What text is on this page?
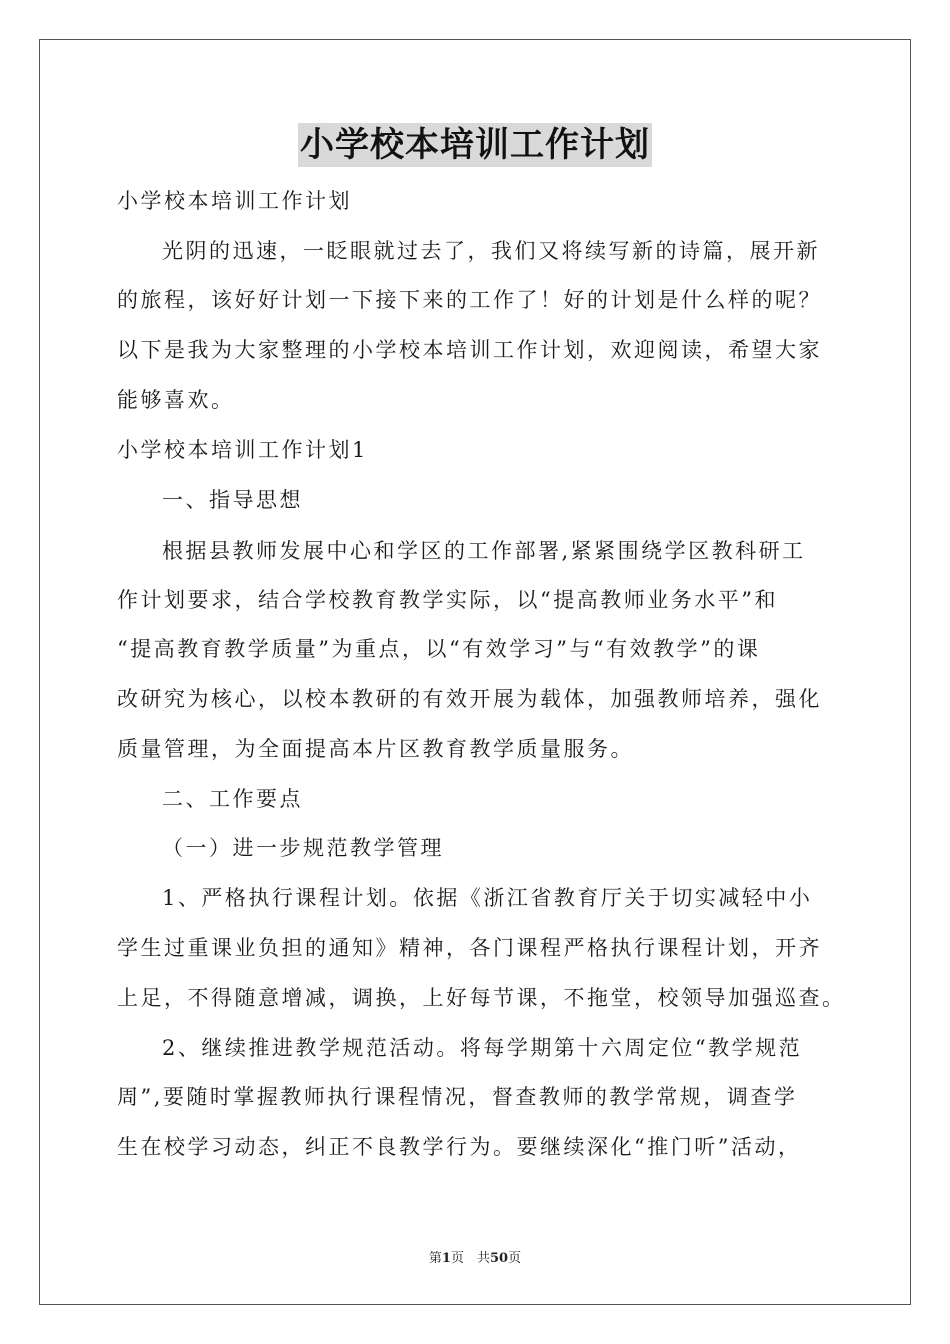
小学校本培训工作计划
小学校本培训工作计划
光阴的迅速，一眨眼就过去了，我们又将续写新的诗篇，展开新
的旅程，该好好计划一下接下来的工作了！好的计划是什么样的呢？
以下是我为大家整理的小学校本培训工作计划，欢迎阅读，希望大家
能够喜欢。
小学校本培训工作计划1
一、指导思想
根据县教师发展中心和学区的工作部署,紧紧围绕学区教科研工
作计划要求，结合学校教育教学实际，以“提高教师业务水平”和
“提高教育教学质量”为重点，以“有效学习”与“有效教学”的课
改研究为核心，以校本教研的有效开展为载体，加强教师培养，强化
质量管理，为全面提高本片区教育教学质量服务。
二、工作要点
（一）进一步规范教学管理
1、严格执行课程计划。依据《浙江省教育厅关于切实减轻中小
学生过重课业负担的通知》精神，各门课程严格执行课程计划，开齐
上足，不得随意增减，调换，上好每节课，不拖堂，校领导加强巡查。
2、继续推进教学规范活动。将每学期第十六周定位“教学规范
周”,要随时掌握教师执行课程情况，督查教师的教学常规，调查学
生在校学习动态，纠正不良教学行为。要继续深化“推门听”活动，
第1页　共50页
